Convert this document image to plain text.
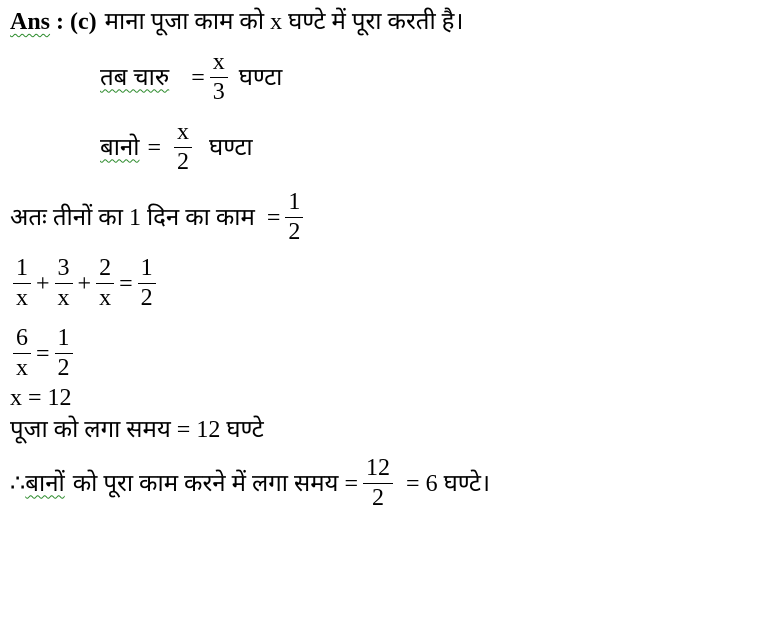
Ans : (c) माना पूजा काम को x घण्टे में पूरा करती है।
तब चारु = $\frac{x}{3}$ घण्टा
बानो = $\frac{x}{2}$ घण्टा
अतः तीनों का 1 दिन का काम = $\frac{1}{2}$
$\frac{1}{x} + \frac{3}{x} + \frac{2}{x} = \frac{1}{2}$
$\frac{6}{x} = \frac{1}{2}$
x = 12
पूजा को लगा समय = 12 घण्टे
∴ बानों को पूरा काम करने में लगा समय = $\frac{12}{2} = 6$ घण्टे।
